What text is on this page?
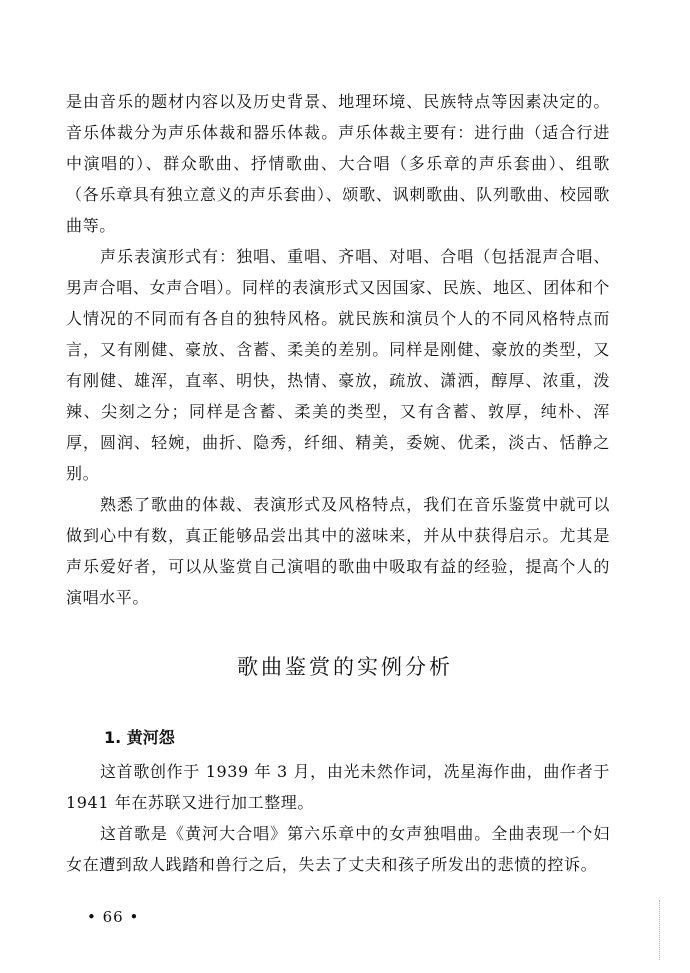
是由音乐的题材内容以及历史背景、地理环境、民族特点等因素决定的。音乐体裁分为声乐体裁和器乐体裁。声乐体裁主要有：进行曲（适合行进中演唱的）、群众歌曲、抒情歌曲、大合唱（多乐章的声乐套曲）、组歌（各乐章具有独立意义的声乐套曲）、颂歌、讽刺歌曲、队列歌曲、校园歌曲等。

声乐表演形式有：独唱、重唱、齐唱、对唱、合唱（包括混声合唱、男声合唱、女声合唱）。同样的表演形式又因国家、民族、地区、团体和个人情况的不同而有各自的独特风格。就民族和演员个人的不同风格特点而言，又有刚健、豪放、含蓄、柔美的差别。同样是刚健、豪放的类型，又有刚健、雄浑，直率、明快，热情、豪放，疏放、潇洒，醇厚、浓重，泼辣、尖刻之分；同样是含蓄、柔美的类型，又有含蓄、敦厚，纯朴、浑厚，圆润、轻婉，曲折、隐秀，纤细、精美，委婉、优柔，淡古、恬静之别。

熟悉了歌曲的体裁、表演形式及风格特点，我们在音乐鉴赏中就可以做到心中有数，真正能够品尝出其中的滋味来，并从中获得启示。尤其是声乐爱好者，可以从鉴赏自己演唱的歌曲中吸取有益的经验，提高个人的演唱水平。

歌曲鉴赏的实例分析
1. 黄河怨

这首歌创作于 1939 年 3 月，由光未然作词，冼星海作曲，曲作者于 1941 年在苏联又进行加工整理。

这首歌是《黄河大合唱》第六乐章中的女声独唱曲。全曲表现一个妇女在遭到敌人践踏和兽行之后，失去了丈夫和孩子所发出的悲愤的控诉。

• 66 •
